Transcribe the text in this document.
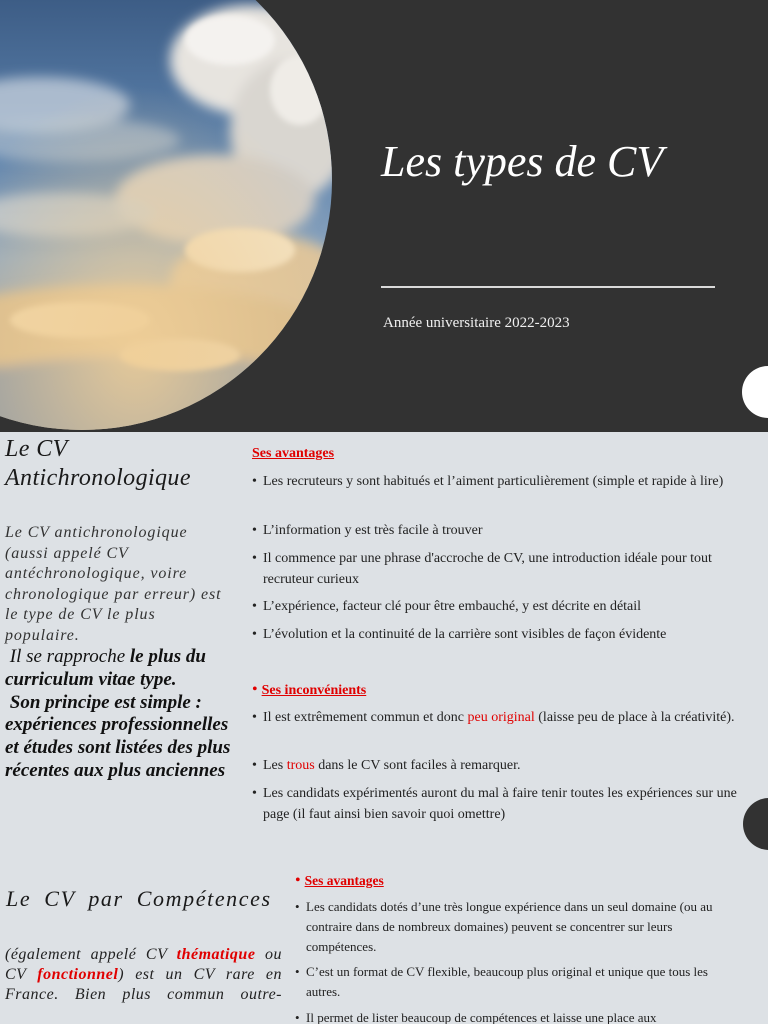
Les types de CV
Année universitaire 2022-2023
Le CV Antichronologique
Le CV antichronologique (aussi appelé CV antéchronologique, voire chronologique par erreur) est le type de CV le plus populaire.
Il se rapproche le plus du curriculum vitae type.
Son principe est simple : expériences professionnelles et études sont listées des plus récentes aux plus anciennes
Ses avantages
• Les recruteurs y sont habitués et l’aiment particulièrement (simple et rapide à lire)
• L’information y est très facile à trouver
• Il commence par une phrase d'accroche de CV, une introduction idéale pour tout recruteur curieux
• L’expérience, facteur clé pour être embauché, y est décrite en détail
• L’évolution et la continuité de la carrière sont visibles de façon évidente
• Ses inconvénients
• Il est extrêmement commun et donc peu original (laisse peu de place à la créativité).
• Les trous dans le CV sont faciles à remarquer.
• Les candidats expérimentés auront du mal à faire tenir toutes les expériences sur une page (il faut ainsi bien savoir quoi omettre)
Le CV par Compétences
(également appelé CV thématique ou CV fonctionnel) est un CV rare en France. Bien plus commun outre-
• Ses avantages
• Les candidats dotés d’une très longue expérience dans un seul domaine (ou au contraire dans de nombreux domaines) peuvent se concentrer sur leurs compétences.
• C’est un format de CV flexible, beaucoup plus original et unique que tous les autres.
• Il permet de lister beaucoup de compétences et laisse une place aux
